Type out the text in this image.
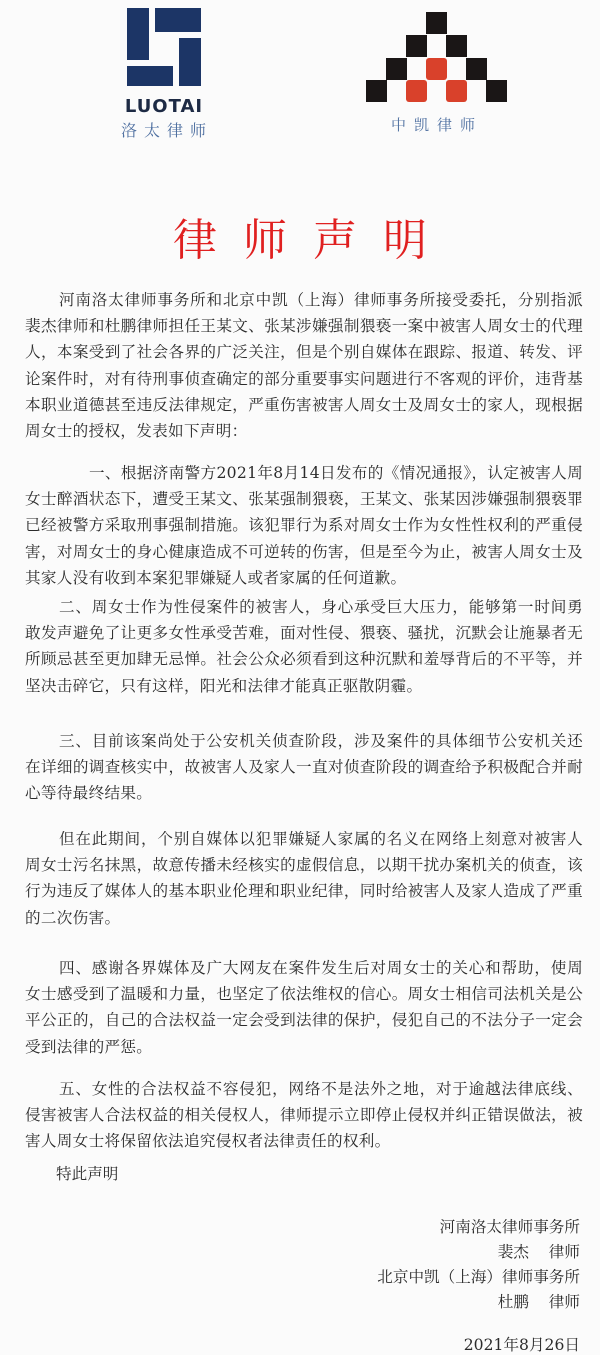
LUOTAI
洛太律师	中凯律师
律师声明

河南洛太律师事务所和北京中凯（上海）律师事务所接受委托，分别指派裴杰律师和杜鹏律师担任王某文、张某涉嫌强制猥亵一案中被害人周女士的代理人，本案受到了社会各界的广泛关注，但是个别自媒体在跟踪、报道、转发、评论案件时，对有待刑事侦查确定的部分重要事实问题进行不客观的评价，违背基本职业道德甚至违反法律规定，严重伤害被害人周女士及周女士的家人，现根据周女士的授权，发表如下声明：

一、根据济南警方2021年8月14日发布的《情况通报》，认定被害人周女士醉酒状态下，遭受王某文、张某强制猥亵，王某文、张某因涉嫌强制猥亵罪已经被警方采取刑事强制措施。该犯罪行为系对周女士作为女性性权利的严重侵害，对周女士的身心健康造成不可逆转的伤害，但是至今为止，被害人周女士及其家人没有收到本案犯罪嫌疑人或者家属的任何道歉。

二、周女士作为性侵案件的被害人，身心承受巨大压力，能够第一时间勇敢发声避免了让更多女性承受苦难，面对性侵、猥亵、骚扰，沉默会让施暴者无所顾忌甚至更加肆无忌惮。社会公众必须看到这种沉默和羞辱背后的不平等，并坚决击碎它，只有这样，阳光和法律才能真正驱散阴霾。

三、目前该案尚处于公安机关侦查阶段，涉及案件的具体细节公安机关还在详细的调查核实中，故被害人及家人一直对侦查阶段的调查给予积极配合并耐心等待最终结果。

但在此期间，个别自媒体以犯罪嫌疑人家属的名义在网络上刻意对被害人周女士污名抹黑，故意传播未经核实的虚假信息，以期干扰办案机关的侦查，该行为违反了媒体人的基本职业伦理和职业纪律，同时给被害人及家人造成了严重的二次伤害。

四、感谢各界媒体及广大网友在案件发生后对周女士的关心和帮助，使周女士感受到了温暖和力量，也坚定了依法维权的信心。周女士相信司法机关是公平公正的，自己的合法权益一定会受到法律的保护，侵犯自己的不法分子一定会受到法律的严惩。

五、女性的合法权益不容侵犯，网络不是法外之地，对于逾越法律底线、侵害被害人合法权益的相关侵权人，律师提示立即停止侵权并纠正错误做法，被害人周女士将保留依法追究侵权者法律责任的权利。

特此声明
河南洛太律师事务所
裴杰    律师
北京中凯（上海）律师事务所
杜鹏    律师
2021年8月26日
